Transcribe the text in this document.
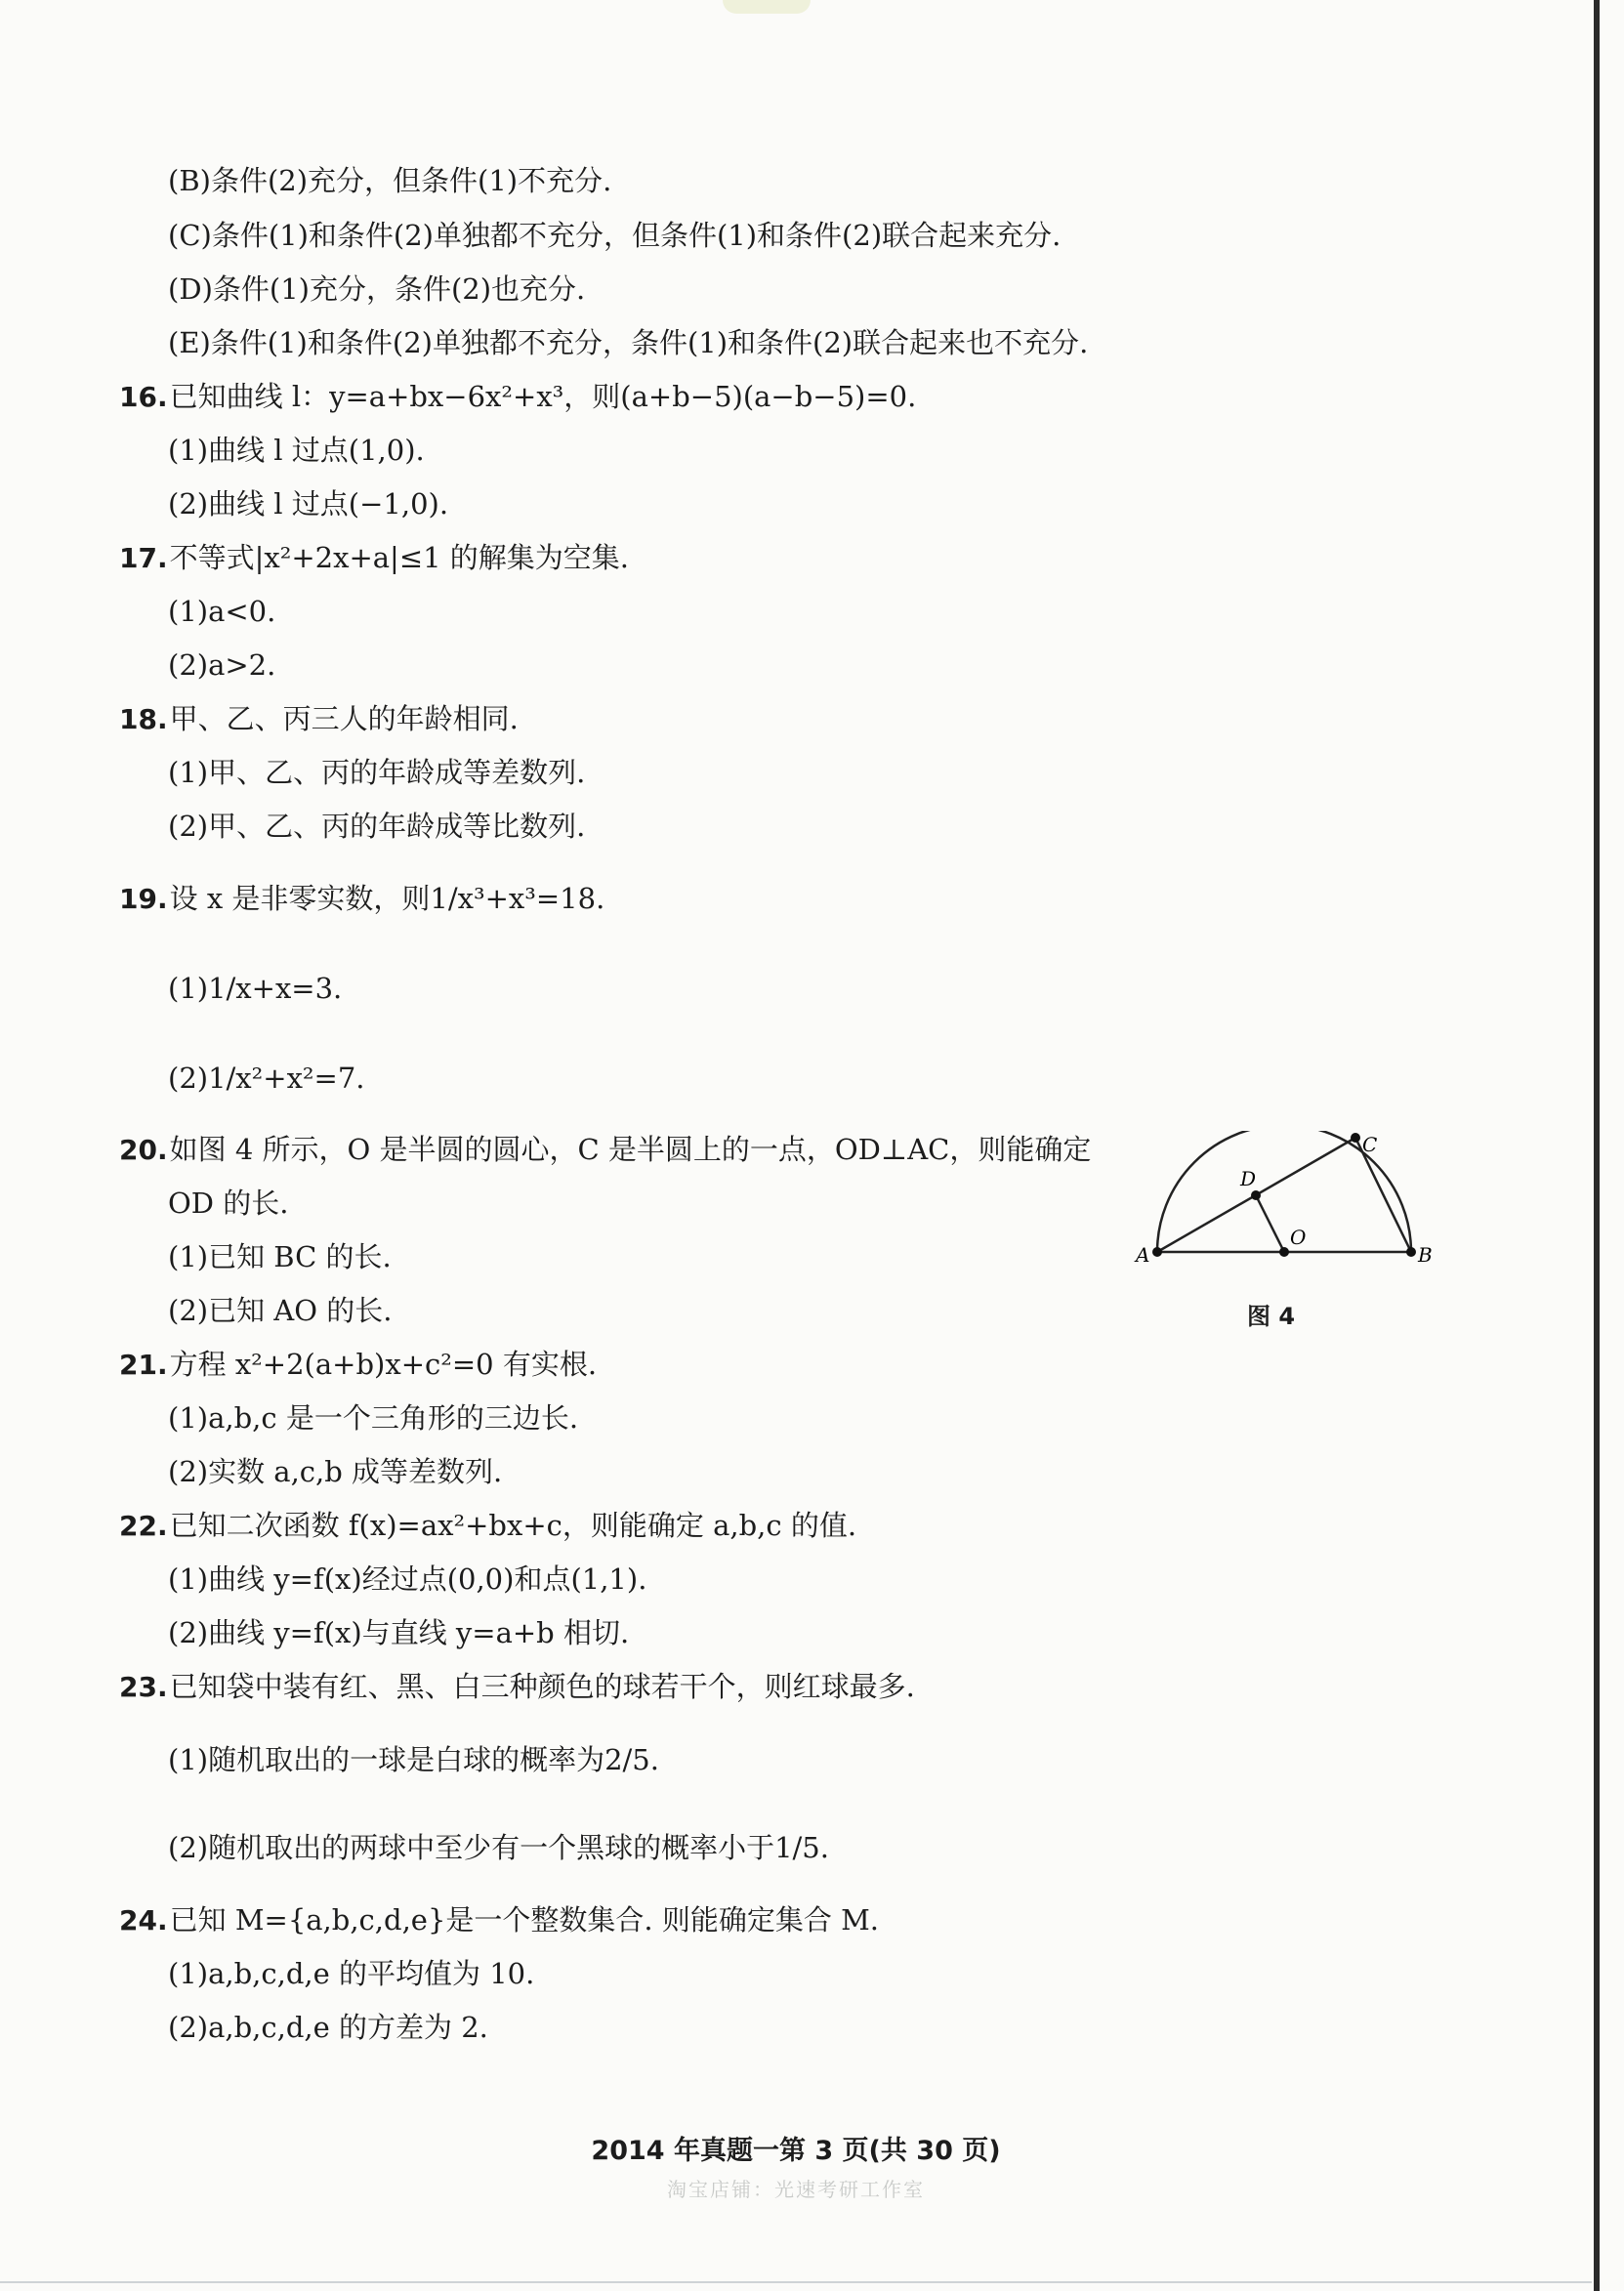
(B)条件(2)充分，但条件(1)不充分.
(C)条件(1)和条件(2)单独都不充分，但条件(1)和条件(2)联合起来充分.
(D)条件(1)充分，条件(2)也充分.
(E)条件(1)和条件(2)单独都不充分，条件(1)和条件(2)联合起来也不充分.
16.已知曲线 l：y=a+bx−6x²+x³，则(a+b−5)(a−b−5)=0.
(1)曲线 l 过点(1,0).
(2)曲线 l 过点(−1,0).
17.不等式|x²+2x+a|≤1 的解集为空集.
(1)a<0.
(2)a>2.
18.甲、乙、丙三人的年龄相同.
(1)甲、乙、丙的年龄成等差数列.
(2)甲、乙、丙的年龄成等比数列.
19.设 x 是非零实数，则1/x³+x³=18.
(1)1/x+x=3.
(2)1/x²+x²=7.
20.如图 4 所示，O 是半圆的圆心，C 是半圆上的一点，OD⊥AC，则能确定
OD 的长.
(1)已知 BC 的长.
(2)已知 AO 的长.
A	B
C
D
O
图 4
21.方程 x²+2(a+b)x+c²=0 有实根.
(1)a,b,c 是一个三角形的三边长.
(2)实数 a,c,b 成等差数列.
22.已知二次函数 f(x)=ax²+bx+c，则能确定 a,b,c 的值.
(1)曲线 y=f(x)经过点(0,0)和点(1,1).
(2)曲线 y=f(x)与直线 y=a+b 相切.
23.已知袋中装有红、黑、白三种颜色的球若干个，则红球最多.
(1)随机取出的一球是白球的概率为2/5.
(2)随机取出的两球中至少有一个黑球的概率小于1/5.
24.已知 M={a,b,c,d,e}是一个整数集合. 则能确定集合 M.
(1)a,b,c,d,e 的平均值为 10.
(2)a,b,c,d,e 的方差为 2.
2014 年真题一第 3 页(共 30 页)
淘宝店铺：光速考研工作室
